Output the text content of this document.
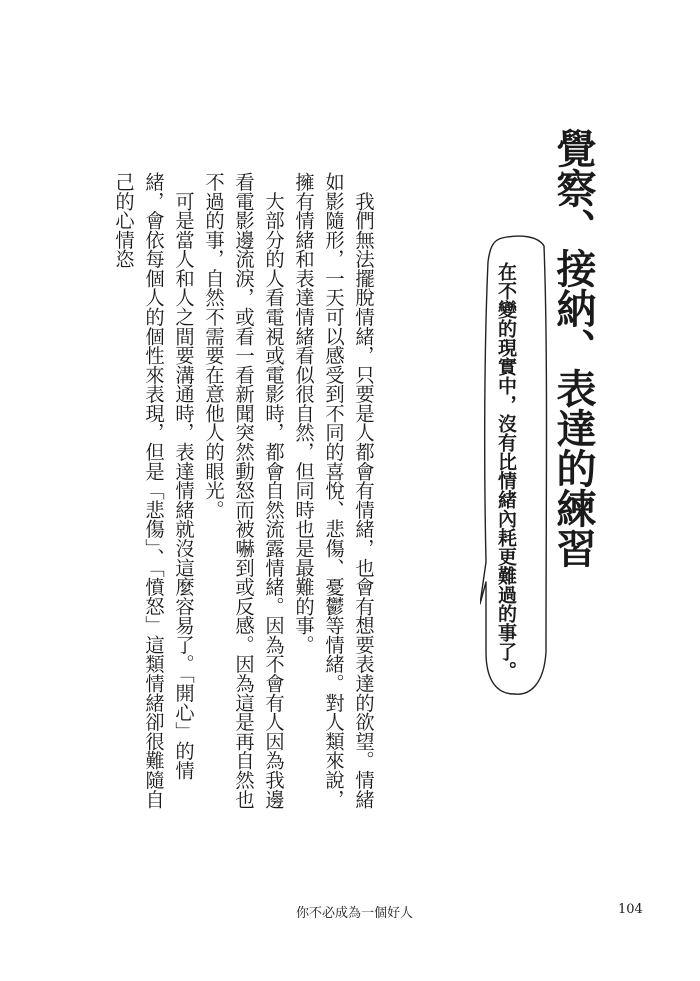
覺察、接納、表達的練習
在不變的現實中，沒有比情緒內耗更難過的事了。

　我們無法擺脫情緒，只要是人都會有情緒，也會有想要表達的欲望。情緒如影隨形，一天可以感受到不同的喜悅、悲傷、憂鬱等情緒。對人類來說，擁有情緒和表達情緒看似很自然，但同時也是最難的事。

　大部分的人看電視或電影時，都會自然流露情緒。因為不會有人因為我邊看電影邊流淚，或看一看新聞突然動怒而被嚇到或反感。因為這是再自然也不過的事，自然不需要在意他人的眼光。

　可是當人和人之間要溝通時，表達情緒就沒這麼容易了。「開心」的情緒，會依每個人的個性來表現，但是「悲傷」、「憤怒」這類情緒卻很難隨自己的心情恣

你不必成為一個好人	104
